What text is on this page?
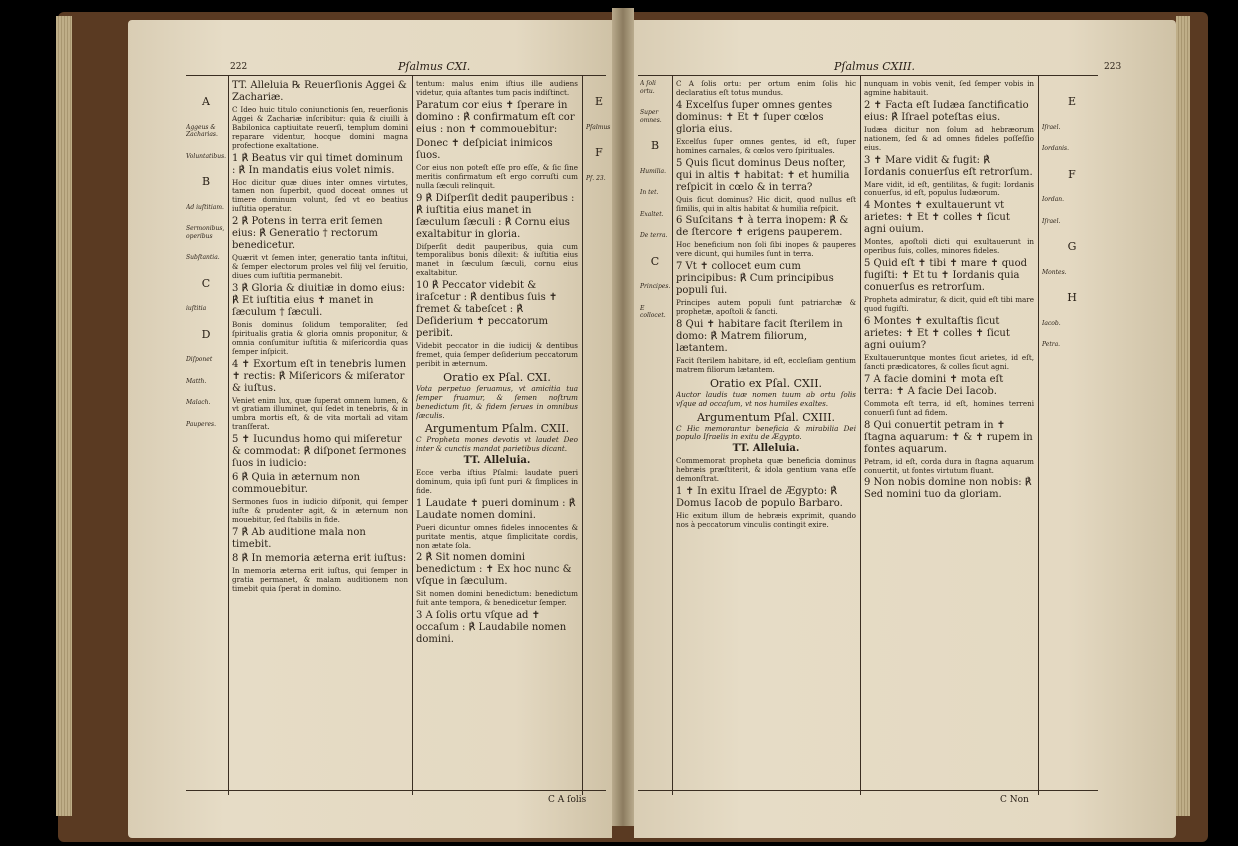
222	Pſalmus CXI.

A

Aggeus & Zacharias.

Voluntatibus.

B

Ad iuſtitiam.

Sermonibus, operibus

Subſtantia.

C

iuſtitia

D

Diſponet

Matth.

Malach.

Pauperes.

TT. Alleluia ℞ Reuerſionis Aggei & Zachariæ.

C Ideo huic titulo coniunctionis ſen, reuerſionis Aggei & Zachariæ inſcribitur: quia & ciuilli à Babilonica captiuitate reuerſi, templum domini reparare videntur, hocque domini magna profectione exaltatione.

1 ℟ Beatus vir qui timet dominum : ℟ In mandatis eius volet nimis.

Hoc dicitur quæ diues inter omnes virtutes, tamen non ſuperbit, quod doceat omnes ut timere dominum volunt, ſed vt eo beatius iuſtitia operatur.

2 ℟ Potens in terra erit ſemen eius: ℟ Generatio † rectorum benedicetur.

Quærit vt ſemen inter, generatio tanta inſtitui, & ſemper electorum proles vel filij vel ſeruitio, diues cum iuſtitia permanebit.

3 ℟ Gloria & diuitiæ in domo eius: ℟ Et iuſtitia eius ✝ manet in ſæculum † ſæculi.

Bonis dominus ſolidum temporaliter, ſed ſpiritualis gratia & gloria omnis proponitur, & omnia conſumitur iuſtitia & miſericordia quas ſemper inſpicit.

4 ✝ Exortum eſt in tenebris lumen ✝ rectis: ℟ Miſericors & miſerator & iuſtus.

Veniet enim lux, quæ ſuperat omnem lumen, & vt gratiam illuminet, qui ſedet in tenebris, & in umbra mortis eſt, & de vita mortali ad vitam tranſferat.

5 ✝ Iucundus homo qui miſeretur & commodat: ℟ diſponet ſermones ſuos in iudicio:

6 ℟ Quia in æternum non commouebitur.

Sermones ſuos in iudicio diſponit, qui ſemper iuſte & prudenter agit, & in æternum non mouebitur, ſed ſtabilis in fide.

7 ℟ Ab auditione mala non timebit.

8 ℟ In memoria æterna erit iuſtus:

In memoria æterna erit iuſtus, qui ſemper in gratia permanet, & malam auditionem non timebit quia ſperat in domino.

tentum: malus enim iſtius ille audiens videtur, quia aſtantes tum pacis indiſtinct.

Paratum cor eius ✝ ſperare in domino : ℟ confirmatum eſt cor eius : non ✝ commouebitur:

Donec ✝ deſpiciat inimicos ſuos.

Cor eius non poteſt eſſe pro eſſe, & ſic ſine meritis confirmatum eſt ergo corruſti cum nulla ſæculi relinquit.

9 ℟ Diſperſit dedit pauperibus : ℟ iuſtitia eius manet in ſæculum ſæculi : ℟ Cornu eius exaltabitur in gloria.

Diſperſit dedit pauperibus, quia cum temporalibus bonis dilexit: & iuſtitia eius manet in ſæculum ſæculi, cornu eius exaltabitur.

10 ℟ Peccator videbit & iraſcetur : ℟ dentibus ſuis ✝ fremet & tabeſcet : ℟ Deſiderium ✝ peccatorum peribit.

Videbit peccator in die iudicij & dentibus fremet, quia ſemper deſiderium peccatorum peribit in æternum.

Oratio ex Pſal. CXI.

Vota perpetuo ſeruamus, vt amicitia tua ſemper fruamur, & ſemen noſtrum benedictum ſit, & fidem ſerues in omnibus ſæculis.

Argumentum Pſalm. CXII.

C Propheta mones devotis vt laudet Deo inter & cunctis mandat parietibus dicant.

TT. Alleluia.

Ecce verba iſtius Pſalmi: laudate pueri dominum, quia ipſi ſunt puri & ſimplices in fide.

1 Laudate ✝ pueri dominum : ℟ Laudate nomen domini.

Pueri dicuntur omnes fideles innocentes & puritate mentis, atque ſimplicitate cordis, non ætate ſola.

2 ℟ Sit nomen domini benedictum : ✝ Ex hoc nunc & vſque in ſæculum.

Sit nomen domini benedictum: benedictum fuit ante tempora, & benedicetur ſemper.

3 A ſolis ortu vſque ad ✝ occaſum : ℟ Laudabile nomen domini.

E

Pſalmus

F

Pſ. 23.

C A ſolis
Pſalmus CXIII.	223

A ſoli ortu.

Super omnes.

B

Humilia.

In tet.

Exaltet.

De terra.

C

Principes.

E collocet.

C A ſolis ortu: per ortum enim ſolis hic declaratius eſt totus mundus.

4 Excelſus ſuper omnes gentes dominus: ✝ Et ✝ ſuper cœlos gloria eius.

Excelſus ſuper omnes gentes, id eſt, ſuper homines carnales, & cœlos vero ſpirituales.

5 Quis ſicut dominus Deus noſter, qui in altis ✝ habitat: ✝ et humilia reſpicit in cœlo & in terra?

Quis ſicut dominus? Hic dicit, quod nullus eſt ſimilis, qui in altis habitat & humilia reſpicit.

6 Suſcitans ✝ à terra inopem: ℟ & de ſtercore ✝ erigens pauperem.

Hoc beneficium non ſoli ſibi inopes & pauperes vere dicunt, qui humiles ſunt in terra.

7 Vt ✝ collocet eum cum principibus: ℟ Cum principibus populi ſui.

Principes autem populi ſunt patriarchæ & prophetæ, apoſtoli & ſancti.

8 Qui ✝ habitare facit ſterilem in domo: ℟ Matrem filiorum, lætantem.

Facit ſterilem habitare, id eſt, eccleſiam gentium matrem filiorum lætantem.

Oratio ex Pſal. CXII.

Auctor laudis tuæ nomen tuum ab ortu ſolis vſque ad occaſum, vt nos humiles exaltes.

Argumentum Pſal. CXIII.

C Hic memorantur beneficia & mirabilia Dei populo Iſraelis in exitu de Ægypto.

TT. Alleluia.

Commemorat propheta quæ beneficia dominus hebræis præſtiterit, & idola gentium vana eſſe demonſtrat.

1 ✝ In exitu Iſrael de Ægypto: ℟ Domus Iacob de populo Barbaro.

Hic exitum illum de hebræis exprimit, quando nos à peccatorum vinculis contingit exire.

nunquam in vobis venit, ſed ſemper vobis in agmine habitauit.

2 ✝ Facta eſt Iudæa ſanctificatio eius: ℟ Iſrael poteſtas eius.

Iudæa dicitur non ſolum ad hebræorum nationem, ſed & ad omnes fideles poſſeſſio eius.

3 ✝ Mare vidit & fugit: ℟ Iordanis conuerſus eſt retrorſum.

Mare vidit, id eſt, gentilitas, & fugit: Iordanis conuerſus, id eſt, populus Iudæorum.

4 Montes ✝ exultauerunt vt arietes: ✝ Et ✝ colles ✝ ſicut agni ouium.

Montes, apoſtoli dicti qui exultauerunt in operibus ſuis, colles, minores fideles.

5 Quid eſt ✝ tibi ✝ mare ✝ quod fugiſti: ✝ Et tu ✝ Iordanis quia conuerſus es retrorſum.

Propheta admiratur, & dicit, quid eſt tibi mare quod fugiſti.

6 Montes ✝ exultaſtis ſicut arietes: ✝ Et ✝ colles ✝ ſicut agni ouium?

Exultaueruntque montes ſicut arietes, id eſt, ſancti prædicatores, & colles ſicut agni.

7 A facie domini ✝ mota eſt terra: ✝ A facie Dei Iacob.

Commota eſt terra, id eſt, homines terreni conuerſi ſunt ad fidem.

8 Qui conuertit petram in ✝ ſtagna aquarum: ✝ & ✝ rupem in fontes aquarum.

Petram, id eſt, corda dura in ſtagna aquarum conuertit, ut fontes virtutum fluant.

9 Non nobis domine non nobis: ℟ Sed nomini tuo da gloriam.

E

Iſrael.

Iordanis.

F

Iordan.

Iſrael.

G

Montes.

H

Iacob.

Petra.

C Non
